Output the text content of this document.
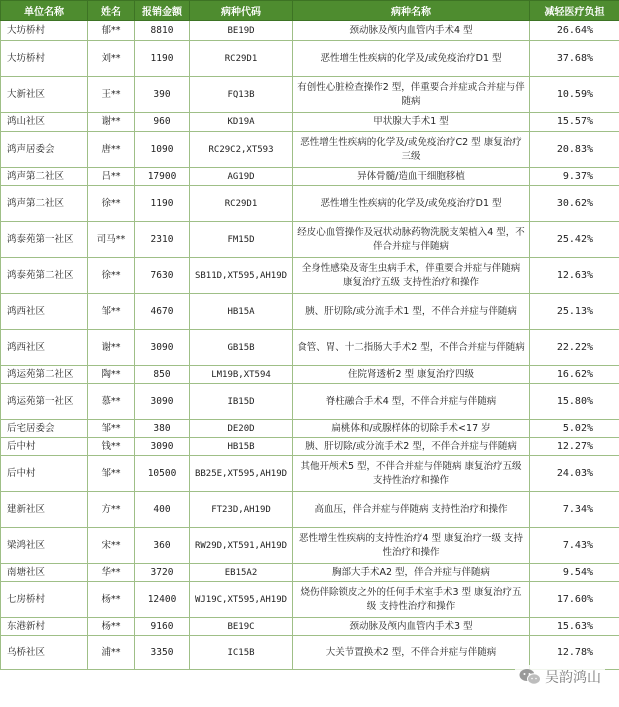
单位名称	姓名	报销金额	病种代码	病种名称	减轻医疗负担
大坊桥村	郁**	8810	BE19D	颈动脉及颅内血管内手术4 型	26.64%
大坊桥村	刘**	1190	RC29D1	恶性增生性疾病的化学及/或免疫治疗D1 型	37.68%
大新社区	王**	390	FQ13B	有创性心脏检查操作2 型，伴重要合并症或合并症与伴随病	10.59%
鸿山社区	谢**	960	KD19A	甲状腺大手术1 型	15.57%
鸿声居委会	唐**	1090	RC29C2,XT593	恶性增生性疾病的化学及/或免疫治疗C2 型 康复治疗三级	20.83%
鸿声第二社区	吕**	17900	AG19D	异体骨髓/造血干细胞移植	9.37%
鸿声第二社区	徐**	1190	RC29D1	恶性增生性疾病的化学及/或免疫治疗D1 型	30.62%
鸿泰苑第一社区	司马**	2310	FM15D	经皮心血管操作及冠状动脉药物洗脱支架植入4 型，不伴合并症与伴随病	25.42%
鸿泰苑第二社区	徐**	7630	SB11D,XT595,AH19D	全身性感染及寄生虫病手术，伴重要合并症与伴随病 康复治疗五级 支持性治疗和操作	12.63%
鸿西社区	邹**	4670	HB15A	胰、肝切除/或分流手术1 型，不伴合并症与伴随病	25.13%
鸿西社区	谢**	3090	GB15B	食管、胃、十二指肠大手术2 型，不伴合并症与伴随病	22.22%
鸿运苑第二社区	陶**	850	LM19B,XT594	住院肾透析2 型 康复治疗四级	16.62%
鸿运苑第一社区	慕**	3090	IB15D	脊柱融合手术4 型，不伴合并症与伴随病	15.80%
后宅居委会	邹**	380	DE20D	扁桃体和/或腺样体的切除手术<17 岁	5.02%
后中村	钱**	3090	HB15B	胰、肝切除/或分流手术2 型，不伴合并症与伴随病	12.27%
后中村	邹**	10500	BB25E,XT595,AH19D	其他开颅术5 型，不伴合并症与伴随病 康复治疗五级 支持性治疗和操作	24.03%
建新社区	方**	400	FT23D,AH19D	高血压，伴合并症与伴随病 支持性治疗和操作	7.34%
梁鸿社区	宋**	360	RW29D,XT591,AH19D	恶性增生性疾病的支持性治疗4 型 康复治疗一级 支持性治疗和操作	7.43%
南塘社区	华**	3720	EB15A2	胸部大手术A2 型，伴合并症与伴随病	9.54%
七房桥村	杨**	12400	WJ19C,XT595,AH19D	烧伤伴除锁皮之外的任何手术室手术3 型 康复治疗五级 支持性治疗和操作	17.60%
东港新村	杨**	9160	BE19C	颈动脉及颅内血管内手术3 型	15.63%
乌桥社区	浦**	3350	IC15B	大关节置换术2 型，不伴合并症与伴随病	12.78%
吴韵鸿山
